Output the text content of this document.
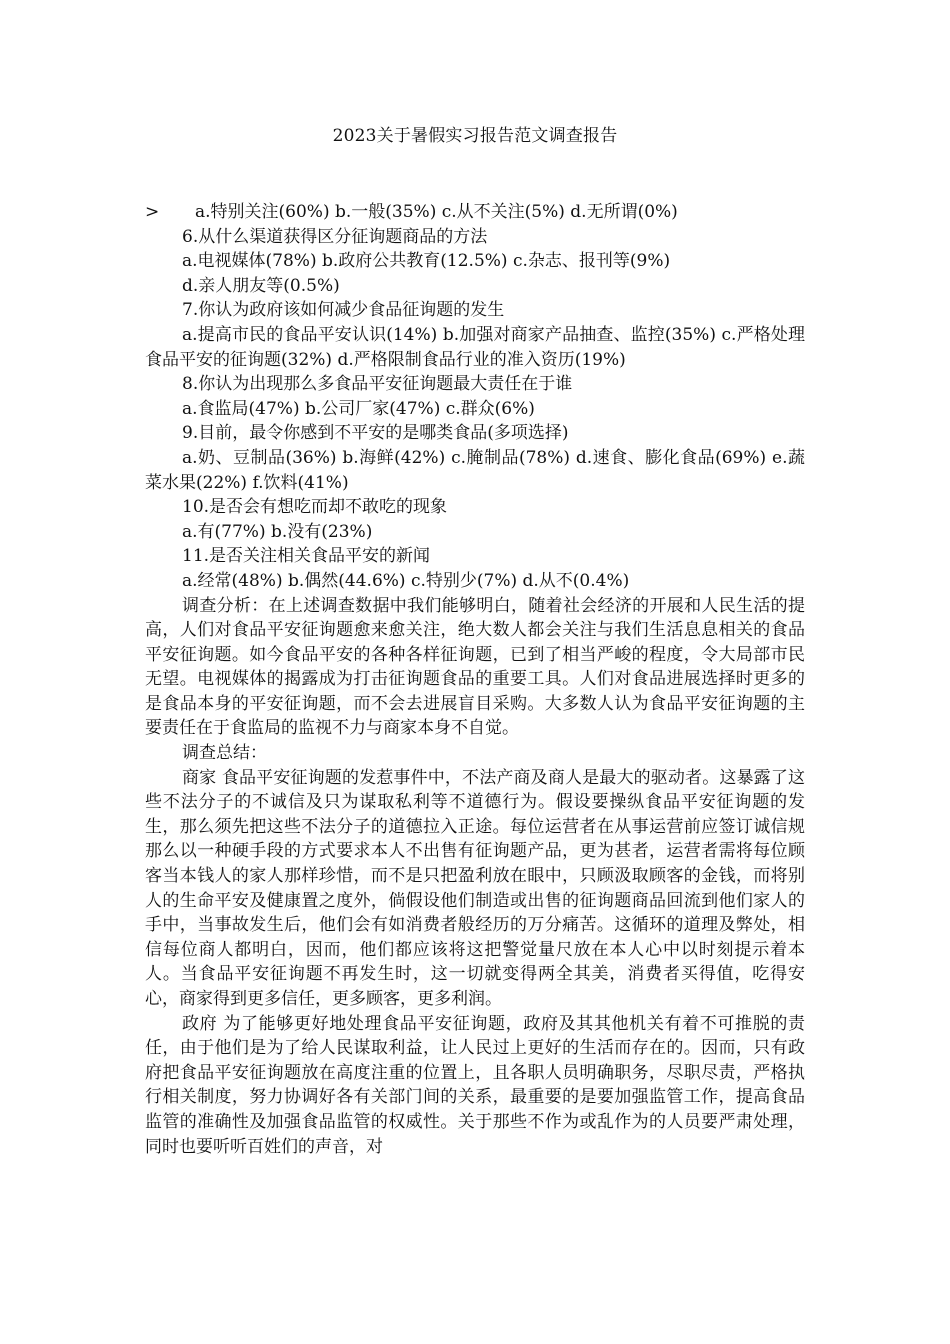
2023关于暑假实习报告范文调查报告

> a.特别关注(60%) b.一般(35%) c.从不关注(5%) d.无所谓(0%)

6.从什么渠道获得区分征询题商品的方法

a.电视媒体(78%) b.政府公共教育(12.5%) c.杂志、报刊等(9%)

d.亲人朋友等(0.5%)

7.你认为政府该如何减少食品征询题的发生

a.提高市民的食品平安认识(14%) b.加强对商家产品抽查、监控(35%) c.严格处理食品平安的征询题(32%) d.严格限制食品行业的准入资历(19%)

8.你认为出现那么多食品平安征询题最大责任在于谁

a.食监局(47%) b.公司厂家(47%) c.群众(6%)

9.目前，最令你感到不平安的是哪类食品(多项选择)

a.奶、豆制品(36%) b.海鲜(42%) c.腌制品(78%) d.速食、膨化食品(69%) e.蔬菜水果(22%) f.饮料(41%)

10.是否会有想吃而却不敢吃的现象

a.有(77%) b.没有(23%)

11.是否关注相关食品平安的新闻

a.经常(48%) b.偶然(44.6%) c.特别少(7%) d.从不(0.4%)

调查分析：在上述调查数据中我们能够明白，随着社会经济的开展和人民生活的提高，人们对食品平安征询题愈来愈关注，绝大数人都会关注与我们生活息息相关的食品平安征询题。如今食品平安的各种各样征询题，已到了相当严峻的程度，令大局部市民无望。电视媒体的揭露成为打击征询题食品的重要工具。人们对食品进展选择时更多的是食品本身的平安征询题，而不会去进展盲目采购。大多数人认为食品平安征询题的主要责任在于食监局的监视不力与商家本身不自觉。

调查总结：

商家 食品平安征询题的发惹事件中，不法产商及商人是最大的驱动者。这暴露了这些不法分子的不诚信及只为谋取私利等不道德行为。假设要操纵食品平安征询题的发生，那么须先把这些不法分子的道德拉入正途。每位运营者在从事运营前应签订诚信规那么以一种硬手段的方式要求本人不出售有征询题产品，更为甚者，运营者需将每位顾客当本钱人的家人那样珍惜，而不是只把盈利放在眼中，只顾汲取顾客的金钱，而将别人的生命平安及健康置之度外，倘假设他们制造或出售的征询题商品回流到他们家人的手中，当事故发生后，他们会有如消费者般经历的万分痛苦。这循环的道理及弊处，相信每位商人都明白，因而，他们都应该将这把警觉量尺放在本人心中以时刻提示着本人。当食品平安征询题不再发生时，这一切就变得两全其美，消费者买得值，吃得安心，商家得到更多信任，更多顾客，更多利润。

政府 为了能够更好地处理食品平安征询题，政府及其其他机关有着不可推脱的责任，由于他们是为了给人民谋取利益，让人民过上更好的生活而存在的。因而，只有政府把食品平安征询题放在高度注重的位置上，且各职人员明确职务，尽职尽责，严格执行相关制度，努力协调好各有关部门间的关系，最重要的是要加强监管工作，提高食品监管的准确性及加强食品监管的权威性。关于那些不作为或乱作为的人员要严肃处理，同时也要听听百姓们的声音，对
